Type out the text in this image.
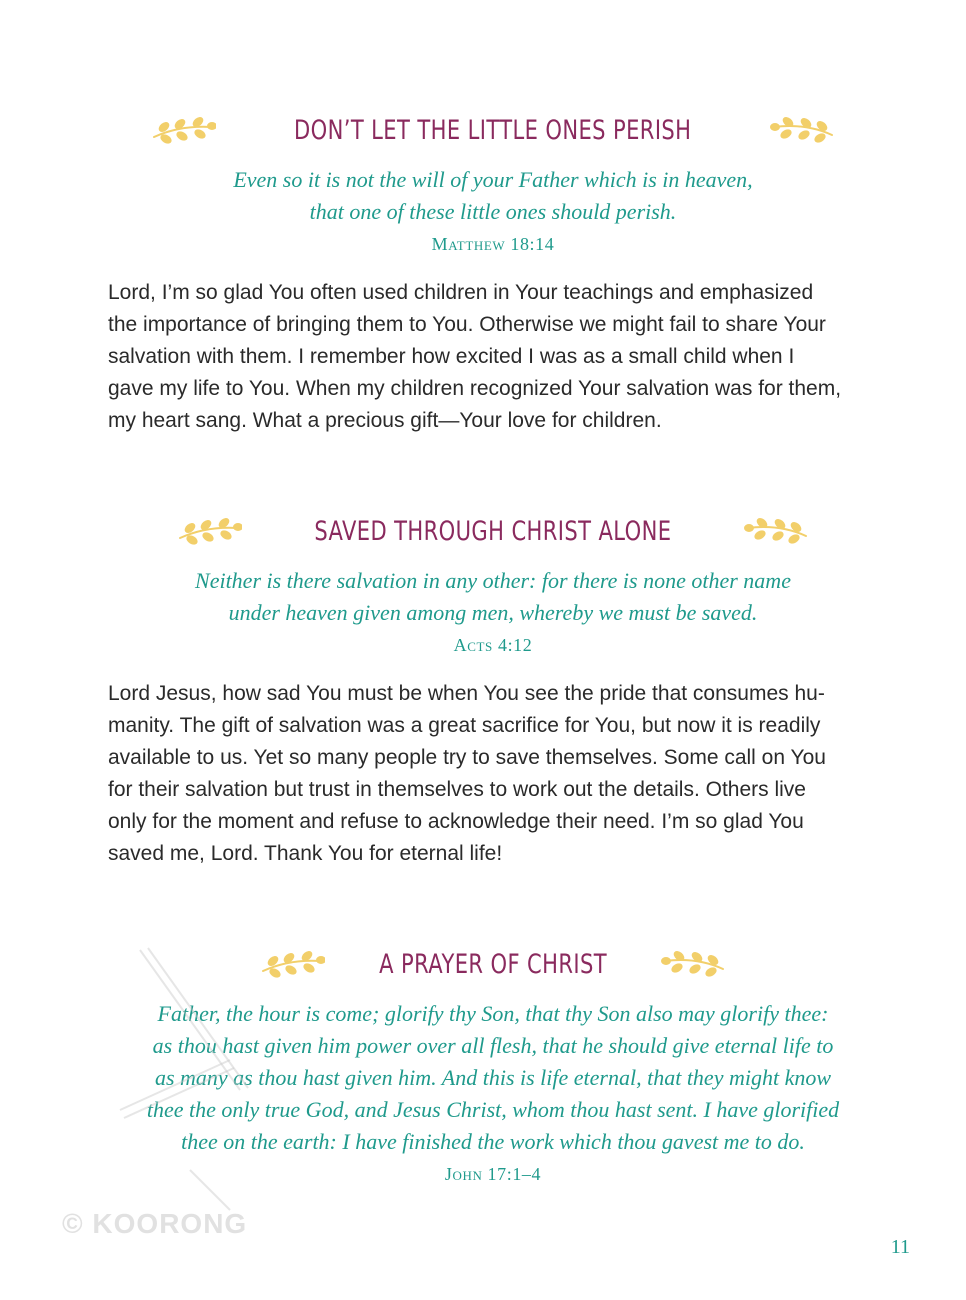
DON’T LET THE LITTLE ONES PERISH
Even so it is not the will of your Father which is in heaven,
that one of these little ones should perish.
Matthew 18:14
Lord, I’m so glad You often used children in Your teachings and emphasized
the importance of bringing them to You. Otherwise we might fail to share Your
salvation with them. I remember how excited I was as a small child when I
gave my life to You. When my children recognized Your salvation was for them,
my heart sang. What a precious gift—Your love for children.
SAVED THROUGH CHRIST ALONE
Neither is there salvation in any other: for there is none other name
under heaven given among men, whereby we must be saved.
Acts 4:12
Lord Jesus, how sad You must be when You see the pride that consumes hu-
manity. The gift of salvation was a great sacrifice for You, but now it is readily
available to us. Yet so many people try to save themselves. Some call on You
for their salvation but trust in themselves to work out the details. Others live
only for the moment and refuse to acknowledge their need. I’m so glad You
saved me, Lord. Thank You for eternal life!
A PRAYER OF CHRIST
Father, the hour is come; glorify thy Son, that thy Son also may glorify thee:
as thou hast given him power over all flesh, that he should give eternal life to
as many as thou hast given him. And this is life eternal, that they might know
thee the only true God, and Jesus Christ, whom thou hast sent. I have glorified
thee on the earth: I have finished the work which thou gavest me to do.
John 17:1–4
© KOORONG
11
